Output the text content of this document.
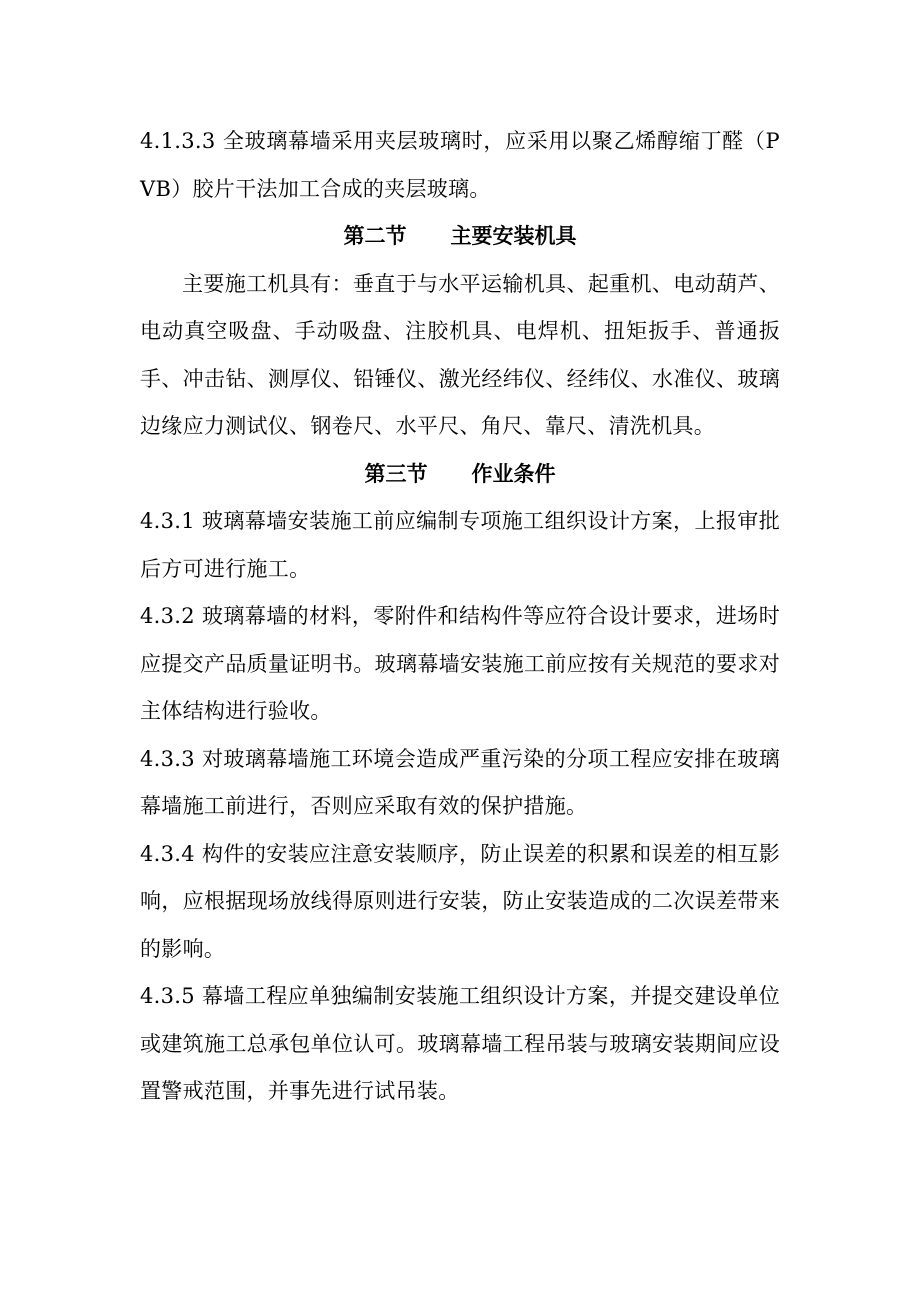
4.1.3.3 全玻璃幕墙采用夹层玻璃时，应采用以聚乙烯醇缩丁醛（PVB）胶片干法加工合成的夹层玻璃。

第二节 主要安装机具

主要施工机具有：垂直于与水平运输机具、起重机、电动葫芦、电动真空吸盘、手动吸盘、注胶机具、电焊机、扭矩扳手、普通扳手、冲击钻、测厚仪、铅锤仪、激光经纬仪、经纬仪、水准仪、玻璃边缘应力测试仪、钢卷尺、水平尺、角尺、靠尺、清洗机具。

第三节 作业条件

4.3.1 玻璃幕墙安装施工前应编制专项施工组织设计方案，上报审批后方可进行施工。

4.3.2 玻璃幕墙的材料，零附件和结构件等应符合设计要求，进场时应提交产品质量证明书。玻璃幕墙安装施工前应按有关规范的要求对主体结构进行验收。

4.3.3 对玻璃幕墙施工环境会造成严重污染的分项工程应安排在玻璃幕墙施工前进行，否则应采取有效的保护措施。

4.3.4 构件的安装应注意安装顺序，防止误差的积累和误差的相互影响，应根据现场放线得原则进行安装，防止安装造成的二次误差带来的影响。

4.3.5 幕墙工程应单独编制安装施工组织设计方案，并提交建设单位或建筑施工总承包单位认可。玻璃幕墙工程吊装与玻璃安装期间应设置警戒范围，并事先进行试吊装。
